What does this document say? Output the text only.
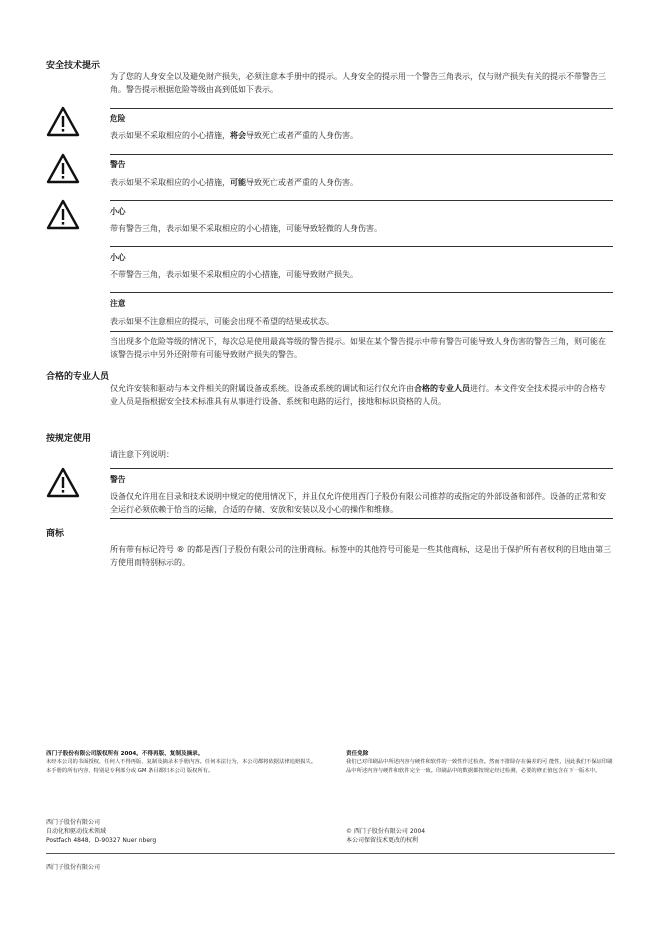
安全技术提示
为了您的人身安全以及避免财产损失，必须注意本手册中的提示。人身安全的提示用一个警告三角表示，仅与财产损失有关的提示不带警告三角。警告提示根据危险等级由高到低如下表示。
危险
表示如果不采取相应的小心措施，将会导致死亡或者严重的人身伤害。
警告
表示如果不采取相应的小心措施，可能导致死亡或者严重的人身伤害。
小心
带有警告三角，表示如果不采取相应的小心措施，可能导致轻微的人身伤害。
小心
不带警告三角，表示如果不采取相应的小心措施，可能导致财产损失。
注意
表示如果不注意相应的提示，可能会出现不希望的结果或状态。
当出现多个危险等级的情况下，每次总是使用最高等级的警告提示。如果在某个警告提示中带有警告可能导致人身伤害的警告三角，则可能在该警告提示中另外还附带有可能导致财产损失的警告。
合格的专业人员
仅允许安装和驱动与本文件相关的附属设备或系统。设备或系统的调试和运行仅允许由合格的专业人员进行。本文件安全技术提示中的合格专业人员是指根据安全技术标准具有从事进行设备、系统和电路的运行，接地和标识资格的人员。
按规定使用
请注意下列说明：
警告
设备仅允许用在目录和技术说明中规定的使用情况下，并且仅允许使用西门子股份有限公司推荐的或指定的外部设备和部件。设备的正常和安全运行必须依赖于恰当的运输，合适的存储、安放和安装以及小心的操作和维修。
商标
所有带有标记符号 ® 的都是西门子股份有限公司的注册商标。标签中的其他符号可能是一些其他商标，这是出于保护所有者权利的目地由第三方使用而特别标示的。
西门子股份有限公司版权所有 2004。不得再版、复制及摘录。
未经本公司的书面授权，任何人不得再版、复制及摘录本手册内容。任何本法行为，本公司都将依据法律追赔损失。本手册的所有内容，特别是专利部分或 GM 条目都归本公司 版权所有。
责任免除
我们已对印刷品中所述内容与硬件和软件的一致性作过检查。然而不排除存在偏差的可 能性，因此我们不保证印刷品中所述内容与硬件和软件完全一致。印刷品中的数据都按规定经过检测，必要的修正值包含在下一版本中。
西门子股份有限公司
自动化和驱动技术领域
Postfach 4848，D-90327 Nuer nberg
© 西门子股份有限公司 2004
本公司保留技术更改的权利
西门子股份有限公司
